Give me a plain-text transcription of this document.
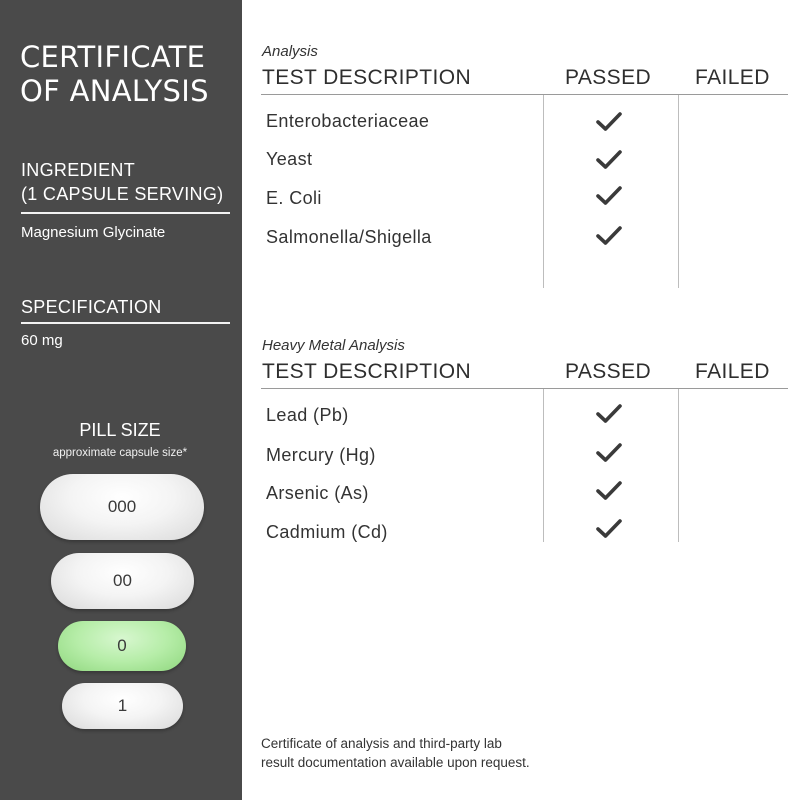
CERTIFICATE
OF ANALYSIS
INGREDIENT
(1 CAPSULE SERVING)
Magnesium Glycinate
SPECIFICATION
60 mg
PILL SIZE
approximate capsule size*
000
00
0
1
Analysis
TEST DESCRIPTION	PASSED FAILED
Enterobacteriaceae
Yeast
E. Coli
Salmonella/Shigella
Heavy Metal Analysis
TEST DESCRIPTION	PASSED FAILED
Lead (Pb)
Mercury (Hg)
Arsenic (As)
Cadmium (Cd)
Certificate of analysis and third-party lab
result documentation available upon request.
